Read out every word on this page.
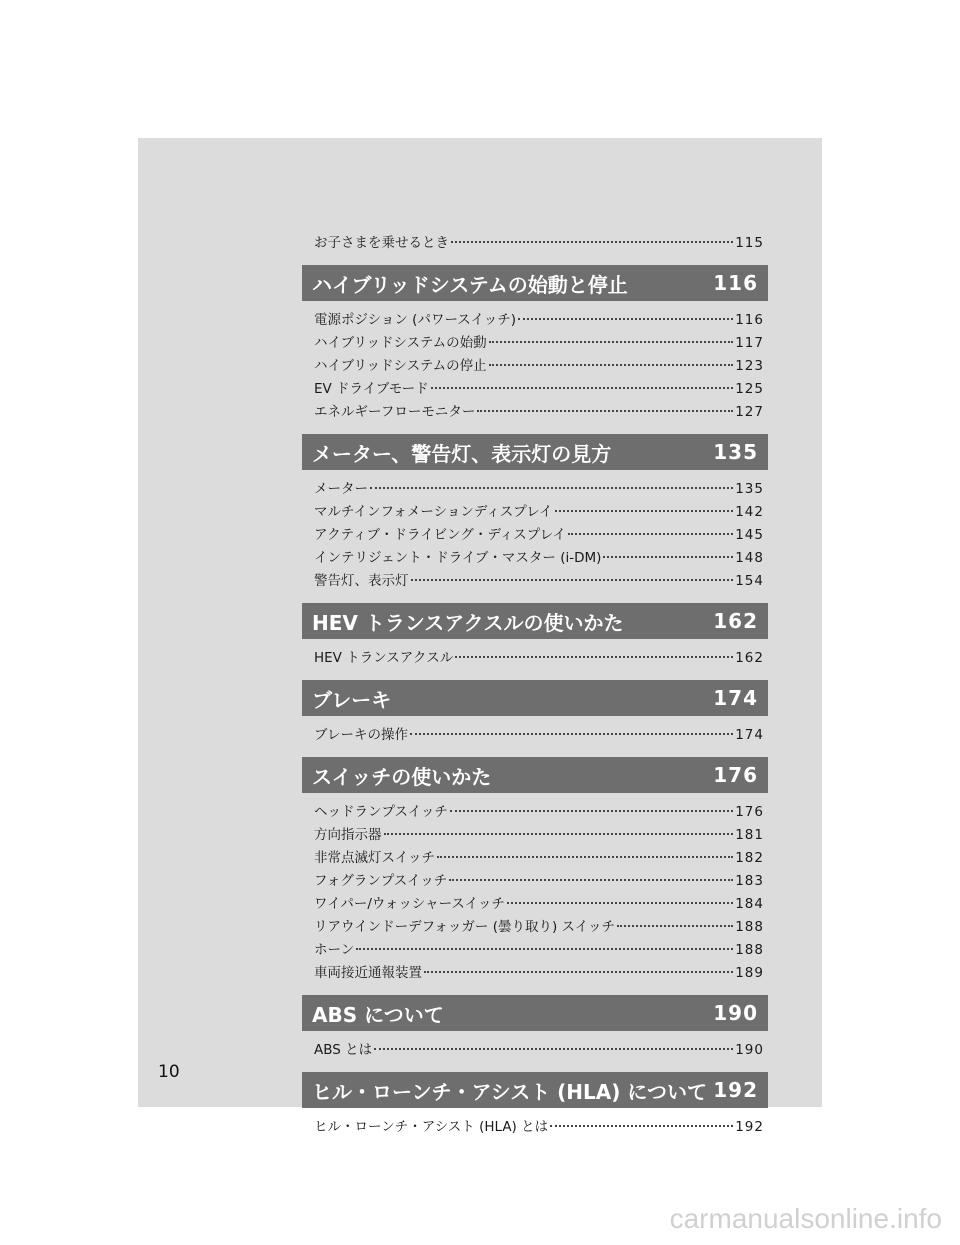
お子さまを乗せるとき	115
ハイブリッドシステムの始動と停止	116
電源ポジション (パワースイッチ)	116
ハイブリッドシステムの始動	117
ハイブリッドシステムの停止	123
EV ドライブモード	125
エネルギーフローモニター	127
メーター、警告灯、表示灯の見方	135
メーター	135
マルチインフォメーションディスプレイ	142
アクティブ・ドライビング・ディスプレイ	145
インテリジェント・ドライブ・マスター (i-DM)	148
警告灯、表示灯	154
HEV トランスアクスルの使いかた	162
HEV トランスアクスル	162
ブレーキ	174
ブレーキの操作	174
スイッチの使いかた	176
ヘッドランプスイッチ	176
方向指示器	181
非常点滅灯スイッチ	182
フォグランプスイッチ	183
ワイパー/ウォッシャースイッチ	184
リアウインドーデフォッガー (曇り取り) スイッチ	188
ホーン	188
車両接近通報装置	189
ABS について	190
ABS とは	190
ヒル・ローンチ・アシスト (HLA) について 192
ヒル・ローンチ・アシスト (HLA) とは	192
10
carmanualsonline.info
